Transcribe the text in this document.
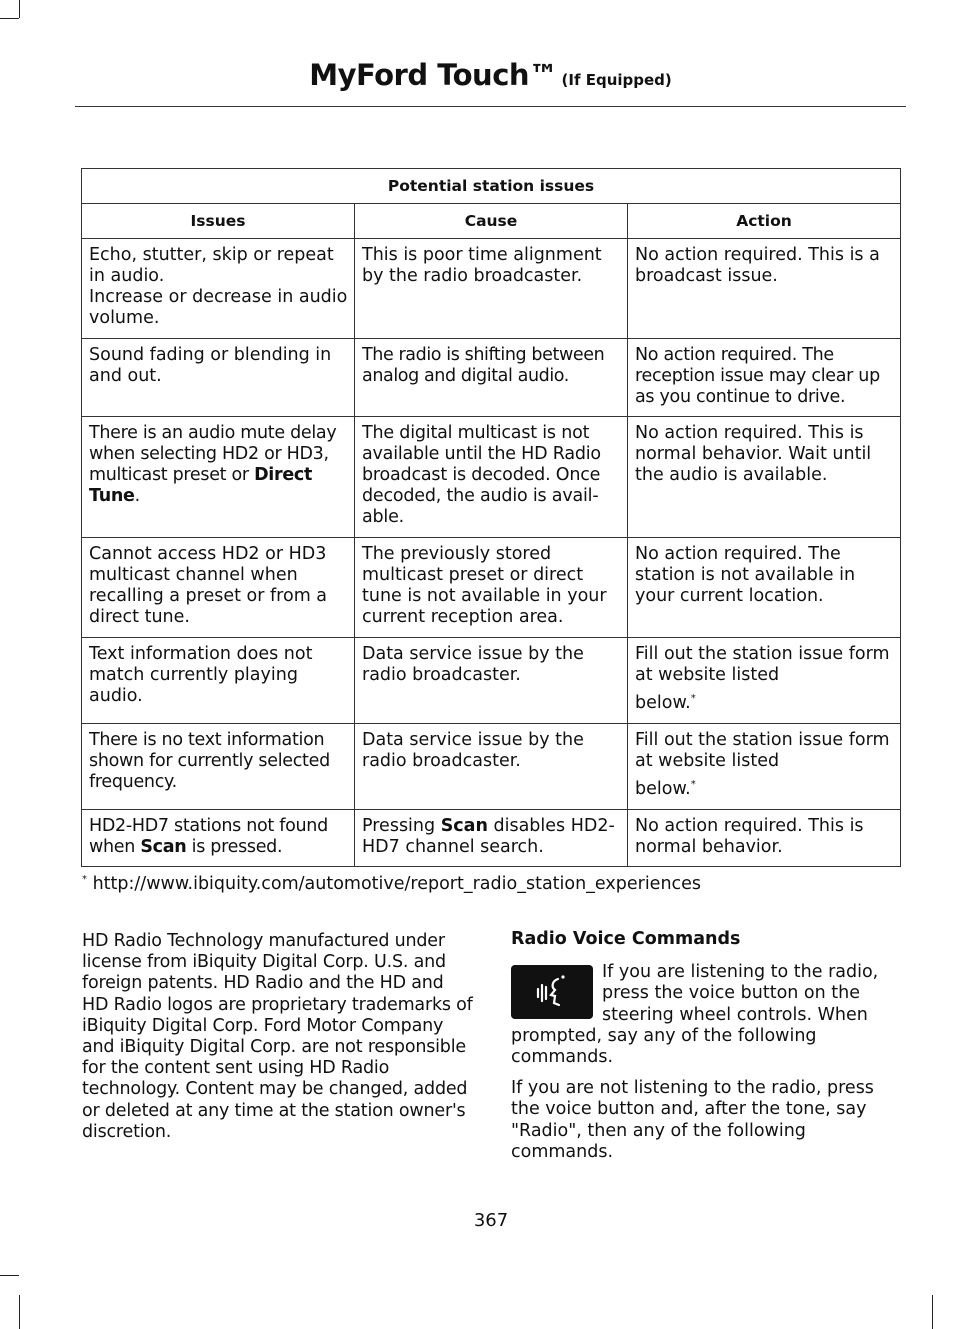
MyFord Touch™ (If Equipped)
Potential station issues		
Issues	Cause	Action
Echo, stutter, skip or repeat in audio.
Increase or decrease in audio volume.	This is poor time alignment by the radio broadcaster.	No action required. This is a broadcast issue.
Sound fading or blending in and out.	The radio is shifting between analog and digital audio.	No action required. The reception issue may clear up as you continue to drive.
There is an audio mute delay when selecting HD2 or HD3, multicast preset or Direct Tune.	The digital multicast is not available until the HD Radio broadcast is decoded. Once decoded, the audio is avail-able.	No action required. This is normal behavior. Wait until the audio is available.
Cannot access HD2 or HD3 multicast channel when recalling a preset or from a direct tune.	The previously stored multicast preset or direct tune is not available in your current reception area.	No action required. The station is not available in your current location.
Text information does not match currently playing audio.	Data service issue by the radio broadcaster.	Fill out the station issue form at website listed
below.*
There is no text information shown for currently selected frequency.	Data service issue by the radio broadcaster.	Fill out the station issue form at website listed
below.*
HD2-HD7 stations not found when Scan is pressed.	Pressing Scan disables HD2-HD7 channel search.	No action required. This is normal behavior.
* http://www.ibiquity.com/automotive/report_radio_station_experiences
HD Radio Technology manufactured under license from iBiquity Digital Corp. U.S. and foreign patents. HD Radio and the HD and HD Radio logos are proprietary trademarks of iBiquity Digital Corp. Ford Motor Company and iBiquity Digital Corp. are not responsible for the content sent using HD Radio technology. Content may be changed, added or deleted at any time at the station owner's discretion.
Radio Voice Commands

If you are listening to the radio, press the voice button on the steering wheel controls. When prompted, say any of the following commands.

If you are not listening to the radio, press the voice button and, after the tone, say "Radio", then any of the following commands.

367
